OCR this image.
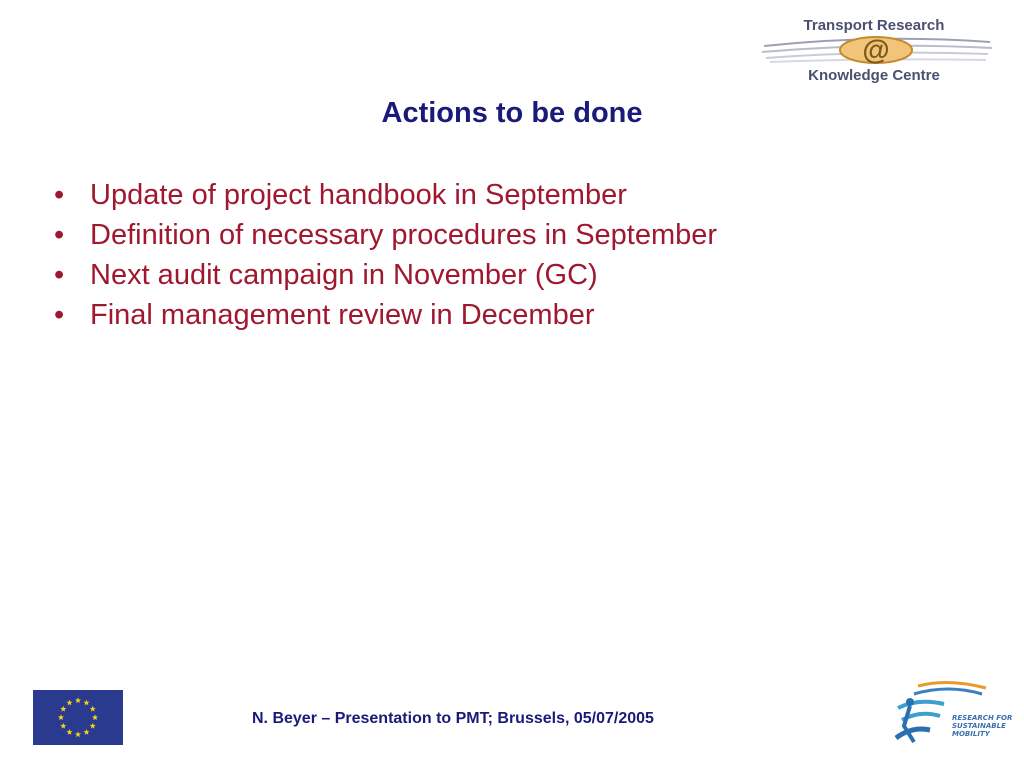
@
Transport Research
Knowledge Centre
Actions to be done
• Update of project handbook in September
• Definition of necessary procedures in September
• Next audit campaign in November (GC)
• Final management review in December
N. Beyer – Presentation to PMT; Brussels, 05/07/2005	RESEARCH FOR
SUSTAINABLE
MOBILITY
